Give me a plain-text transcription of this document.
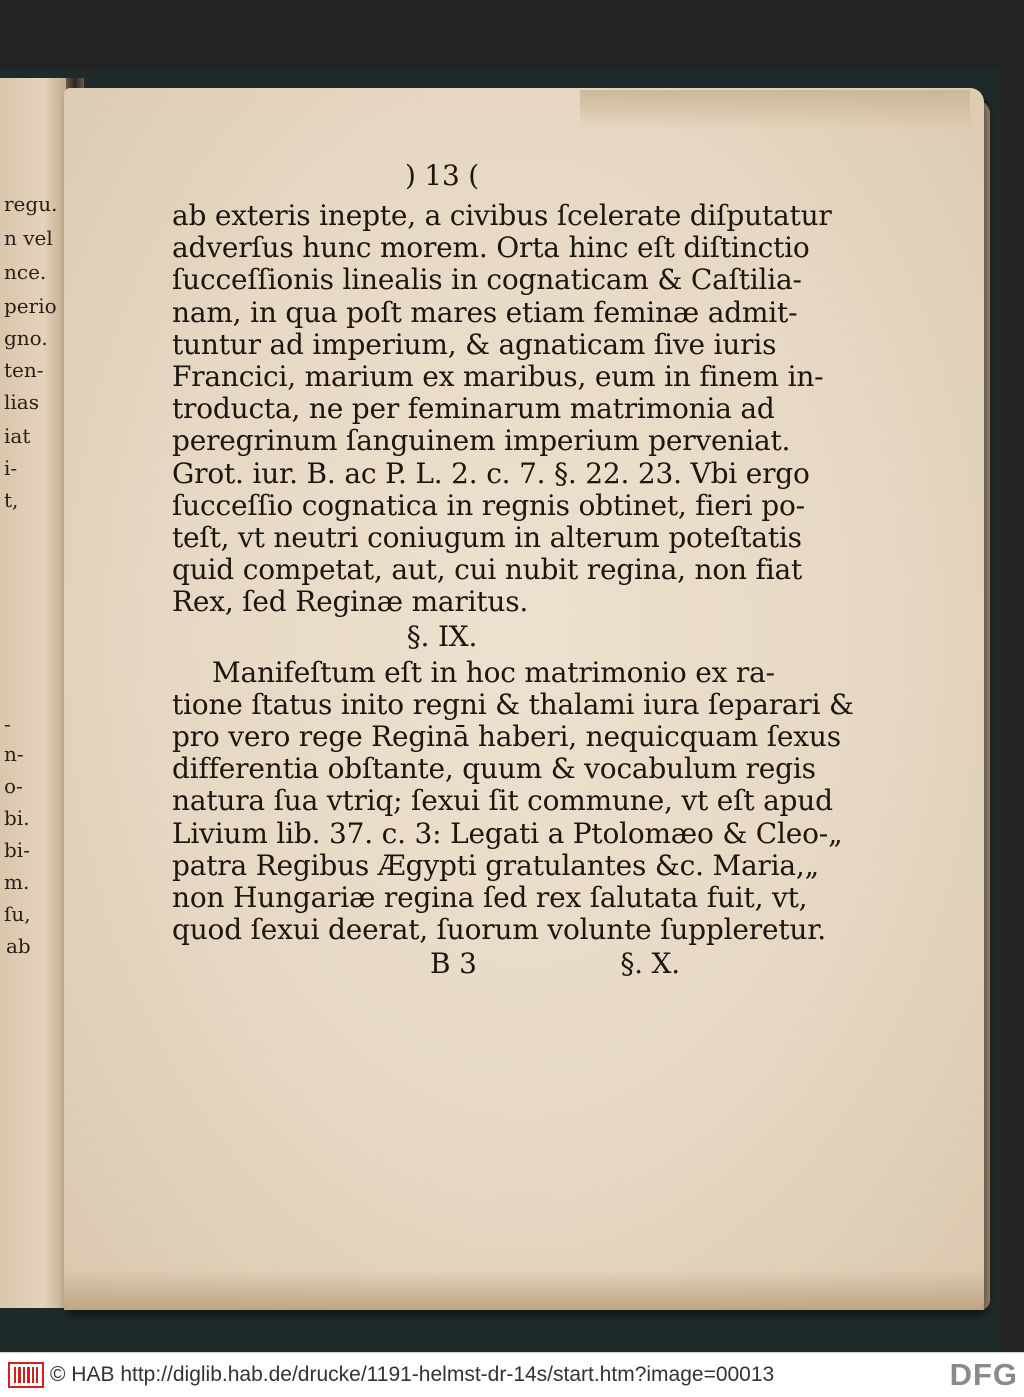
regu.
n vel
nce.
perio
gno.
ten-
lias
iat
i-
t,
-
n-
o-
bi.
bi-
m.
ſu,
ab
) 13 (
ab exteris inepte, a civibus ſcelerate diſputatur
adverſus hunc morem. Orta hinc eſt diſtinctio
ſucceſſionis linealis in cognaticam & Caſtilia-
nam, in qua poſt mares etiam feminæ admit-
tuntur ad imperium, & agnaticam ſive iuris
Francici, marium ex maribus, eum in finem in-
troducta, ne per feminarum matrimonia ad
peregrinum ſanguinem imperium perveniat.
Grot. iur. B. ac P. L. 2. c. 7. §. 22. 23. Vbi ergo
ſucceſſio cognatica in regnis obtinet, fieri po-
teſt, vt neutri coniugum in alterum poteſtatis
quid competat, aut, cui nubit regina, non fiat
Rex, ſed Reginæ maritus.
§. IX.
Manifeſtum eſt in hoc matrimonio ex ra-
tione ſtatus inito regni & thalami iura ſeparari &
pro vero rege Reginā haberi, nequicquam ſexus
differentia obſtante, quum & vocabulum regis
natura ſua vtriq; ſexui ſit commune, vt eſt apud
Livium lib. 37. c. 3: Legati a Ptolomæo & Cleo-„
patra Regibus Ægypti gratulantes &c. Maria,„
non Hungariæ regina ſed rex ſalutata fuit, vt,
quod ſexui deerat, ſuorum volunte ſuppleretur.
B 3	§. X.
© HAB http://diglib.hab.de/drucke/1191-helmst-dr-14s/start.htm?image=00013	DFG
